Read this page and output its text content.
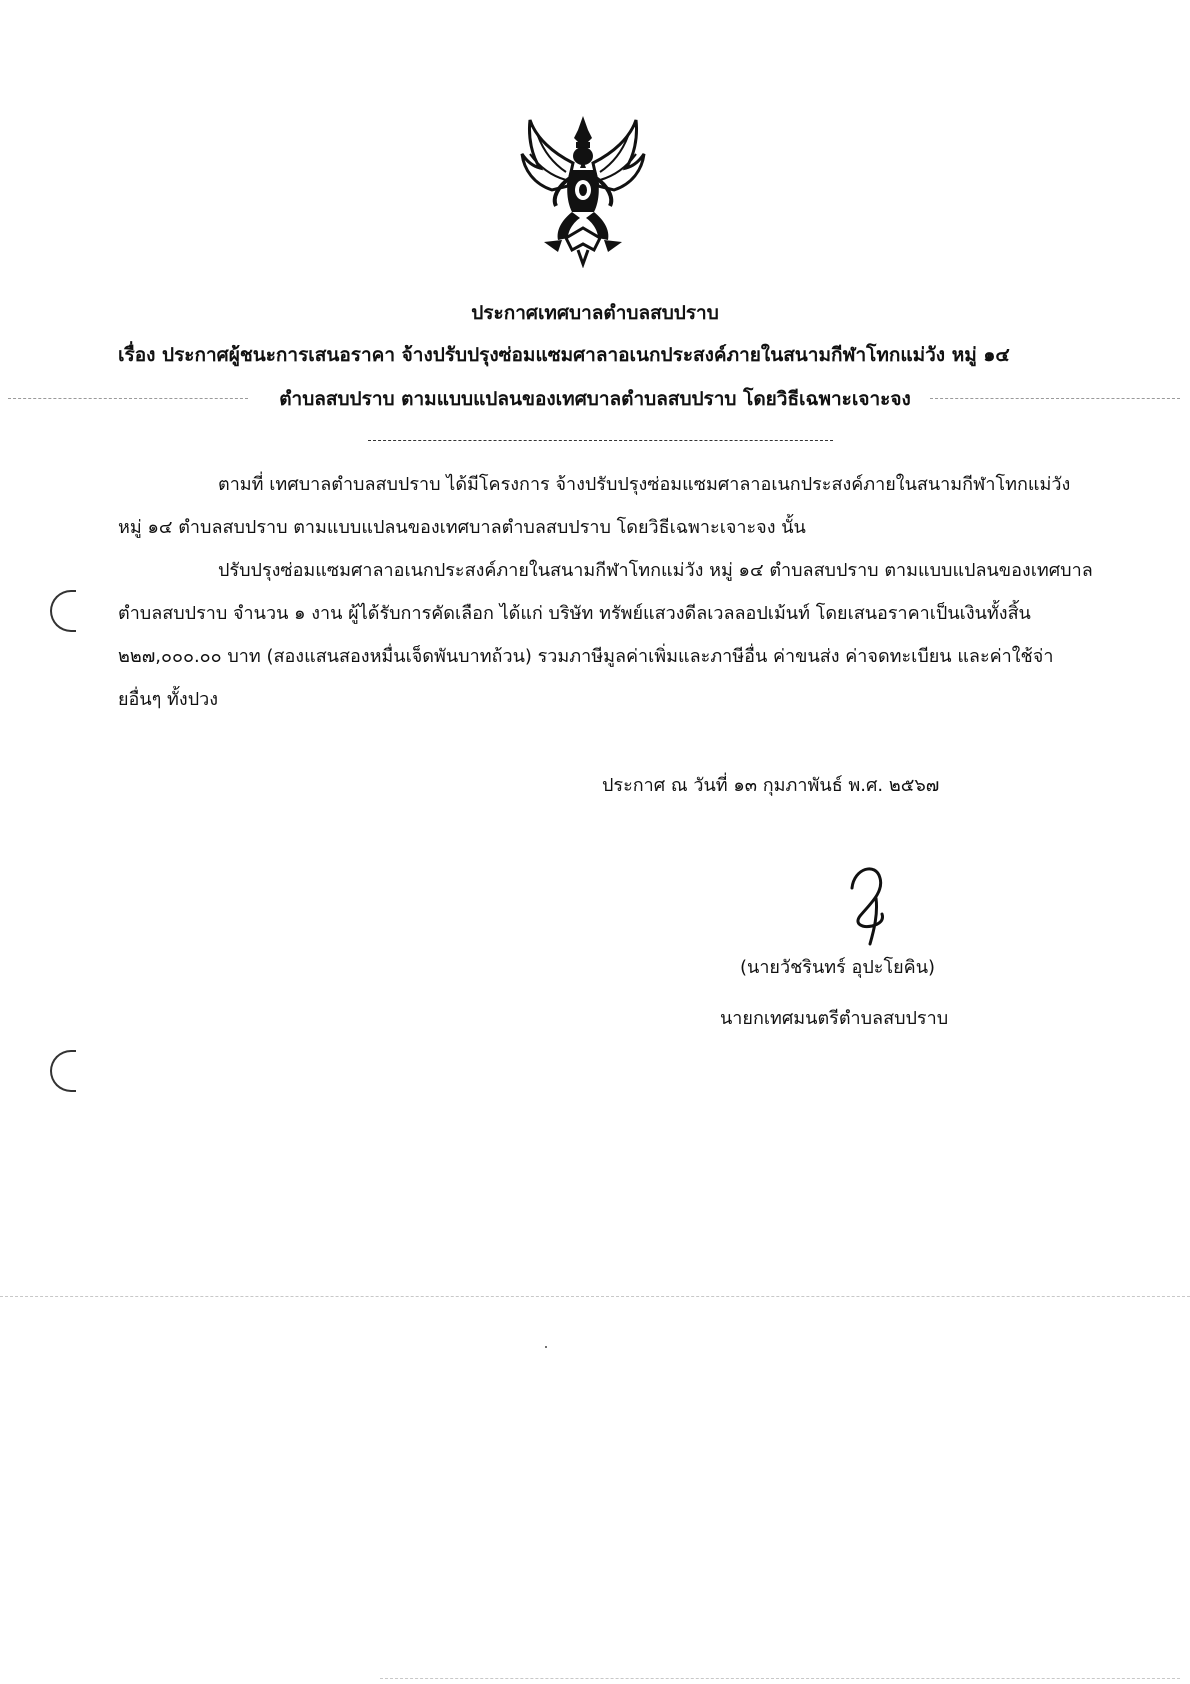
ประกาศเทศบาลตำบลสบปราบ
เรื่อง ประกาศผู้ชนะการเสนอราคา จ้างปรับปรุงซ่อมแซมศาลาอเนกประสงค์ภายในสนามกีฬาโทกแม่วัง หมู่ ๑๔
ตำบลสบปราบ ตามแบบแปลนของเทศบาลตำบลสบปราบ โดยวิธีเฉพาะเจาะจง
ตามที่ เทศบาลตำบลสบปราบ ได้มีโครงการ จ้างปรับปรุงซ่อมแซมศาลาอเนกประสงค์ภายในสนามกีฬาโทกแม่วัง หมู่ ๑๔ ตำบลสบปราบ ตามแบบแปลนของเทศบาลตำบลสบปราบ โดยวิธีเฉพาะเจาะจง นั้น
ปรับปรุงซ่อมแซมศาลาอเนกประสงค์ภายในสนามกีฬาโทกแม่วัง หมู่ ๑๔ ตำบลสบปราบ ตามแบบแปลนของเทศบาลตำบลสบปราบ จำนวน ๑ งาน ผู้ได้รับการคัดเลือก ได้แก่ บริษัท ทรัพย์แสวงดีลเวลลอปเม้นท์ โดยเสนอราคาเป็นเงินทั้งสิ้น ๒๒๗,๐๐๐.๐๐ บาท (สองแสนสองหมื่นเจ็ดพันบาทถ้วน) รวมภาษีมูลค่าเพิ่มและภาษีอื่น ค่าขนส่ง ค่าจดทะเบียน และค่าใช้จ่ายอื่นๆ ทั้งปวง
ประกาศ ณ วันที่ ๑๓ กุมภาพันธ์ พ.ศ. ๒๕๖๗
(นายวัชรินทร์ อุปะโยคิน)
นายกเทศมนตรีตำบลสบปราบ
